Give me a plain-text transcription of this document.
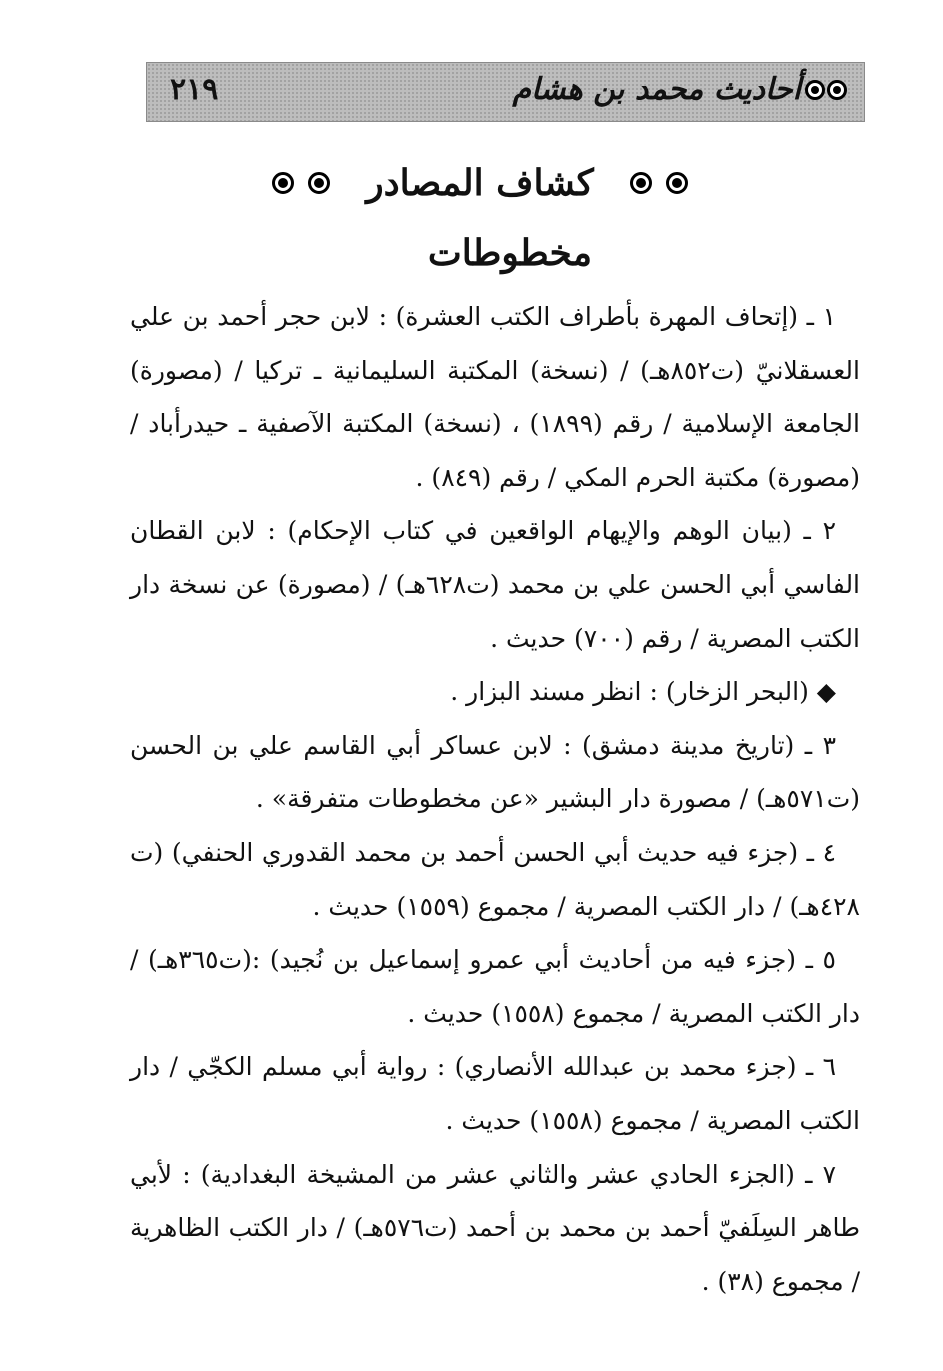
٢١٩	أحاديث محمد بن هشام
كشاف المصادر
مخطوطات

١ ـ (إتحاف المهرة بأطراف الكتب العشرة) : لابن حجر أحمد بن علي العسقلانيّ (ت٨٥٢هـ) / (نسخة) المكتبة السليمانية ـ تركيا / (مصورة) الجامعة الإسلامية / رقم (١٨٩٩) ، (نسخة) المكتبة الآصفية ـ حيدرأباد / (مصورة) مكتبة الحرم المكي / رقم (٨٤٩) .

٢ ـ (بيان الوهم والإيهام الواقعين في كتاب الإحكام) : لابن القطان الفاسي أبي الحسن علي بن محمد (ت٦٢٨هـ) / (مصورة) عن نسخة دار الكتب المصرية / رقم (٧٠٠) حديث .

◆ (البحر الزخار) : انظر مسند البزار .

٣ ـ (تاريخ مدينة دمشق) : لابن عساكر أبي القاسم علي بن الحسن (ت٥٧١هـ) / مصورة دار البشير «عن مخطوطات متفرقة» .

٤ ـ (جزء فيه حديث أبي الحسن أحمد بن محمد القدوري الحنفي) (ت ٤٢٨هـ) / دار الكتب المصرية / مجموع (١٥٥٩) حديث .

٥ ـ (جزء فيه من أحاديث أبي عمرو إسماعيل بن نُجيد) :(ت٣٦٥هـ) / دار الكتب المصرية / مجموع (١٥٥٨) حديث .

٦ ـ (جزء محمد بن عبدالله الأنصاري) : رواية أبي مسلم الكجّي / دار الكتب المصرية / مجموع (١٥٥٨) حديث .

٧ ـ (الجزء الحادي عشر والثاني عشر من المشيخة البغدادية) : لأبي طاهر السِلَفيّ أحمد بن محمد بن أحمد (ت٥٧٦هـ) / دار الكتب الظاهرية / مجموع (٣٨) .
